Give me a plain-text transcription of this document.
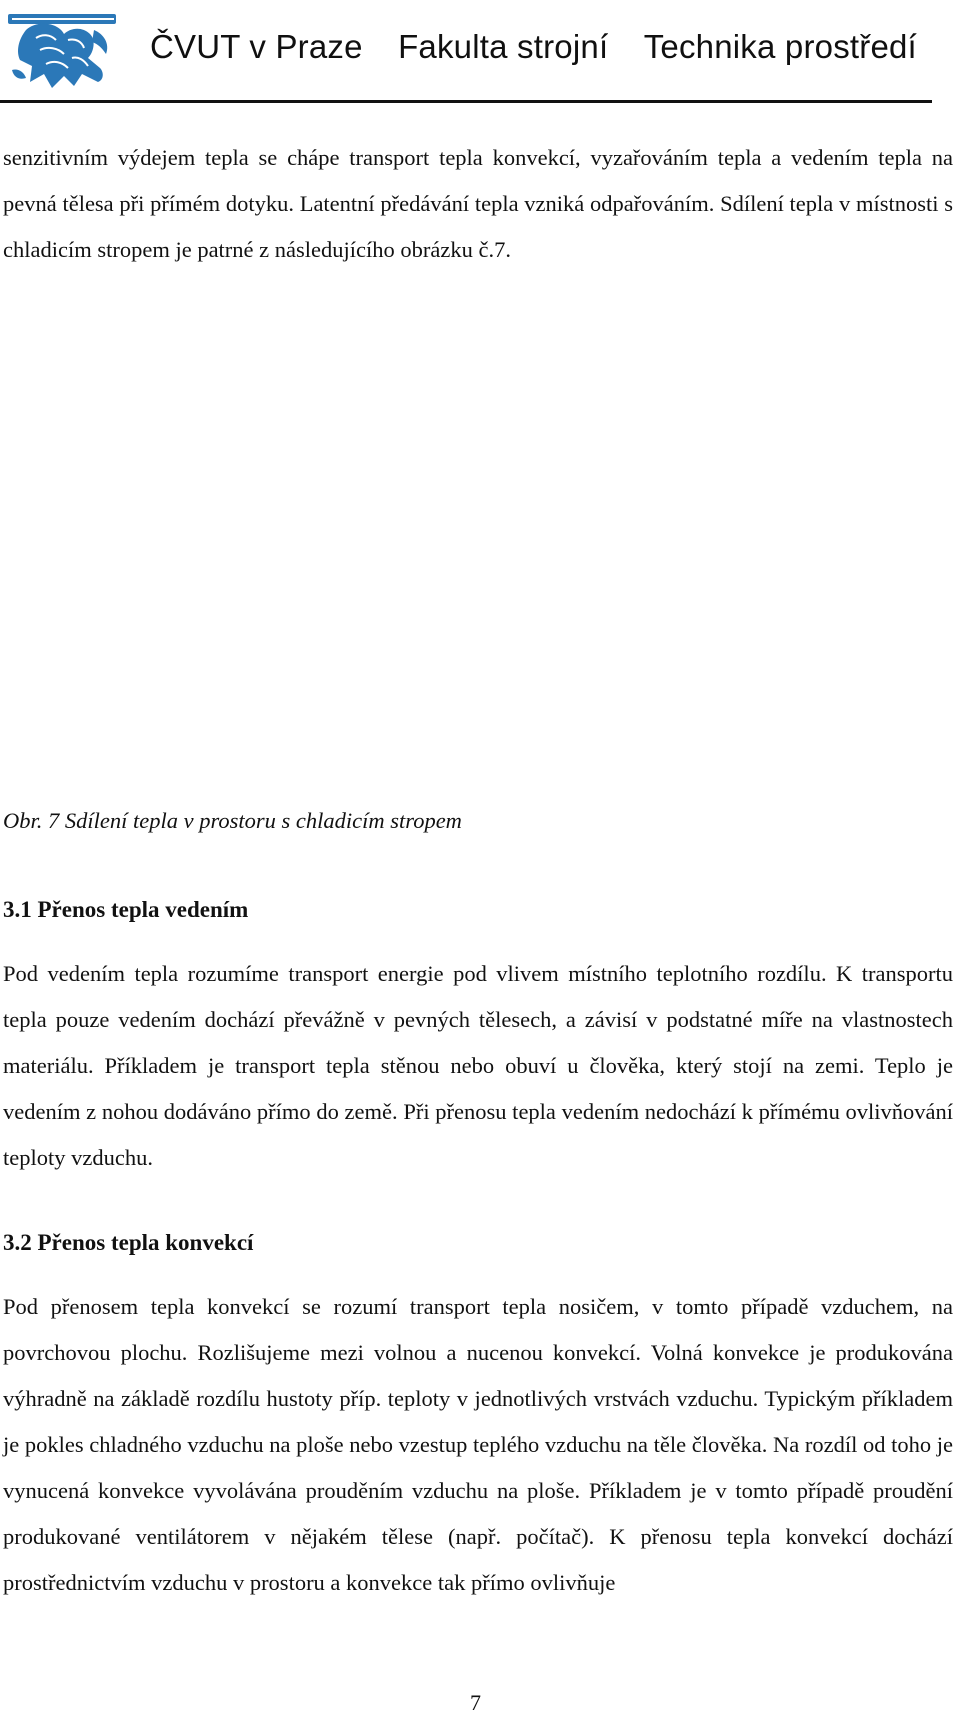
ČVUT v Praze Fakulta strojní Technika prostředí

senzitivním výdejem tepla se chápe transport tepla konvekcí, vyzařováním tepla a vedením tepla na pevná tělesa při přímém dotyku. Latentní předávání tepla vzniká odpařováním. Sdílení tepla v místnosti s chladicím stropem je patrné z následujícího obrázku č.7.

Obr. 7 Sdílení tepla v prostoru s chladicím stropem
3.1 Přenos tepla vedením

Pod vedením tepla rozumíme transport energie pod vlivem místního teplotního rozdílu. K transportu tepla pouze vedením dochází převážně v pevných tělesech, a závisí v podstatné míře na vlastnostech materiálu. Příkladem je transport tepla stěnou nebo obuví u člověka, který stojí na zemi. Teplo je vedením z nohou dodáváno přímo do země. Při přenosu tepla vedením nedochází k přímému ovlivňování teploty vzduchu.

3.2 Přenos tepla konvekcí

Pod přenosem tepla konvekcí se rozumí transport tepla nosičem, v tomto případě vzduchem, na povrchovou plochu. Rozlišujeme mezi volnou a nucenou konvekcí. Volná konvekce je produkována výhradně na základě rozdílu hustoty příp. teploty v jednotlivých vrstvách vzduchu. Typickým příkladem je pokles chladného vzduchu na ploše nebo vzestup teplého vzduchu na těle člověka. Na rozdíl od toho je vynucená konvekce vyvolávána prouděním vzduchu na ploše. Příkladem je v tomto případě proudění produkované ventilátorem v nějakém tělese (např. počítač). K přenosu tepla konvekcí dochází prostřednictvím vzduchu v prostoru a konvekce tak přímo ovlivňuje

7
